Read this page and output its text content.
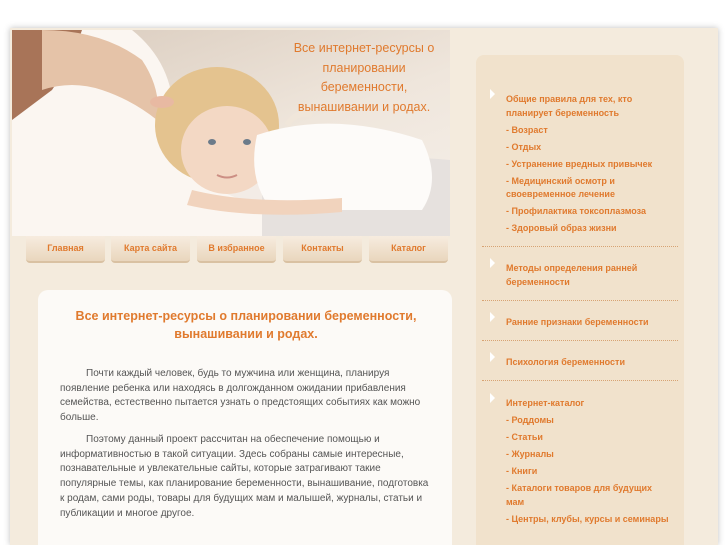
Все интернет-ресурсы о планировании беременности, вынашивании и родах.
Главная	Карта сайта	В избранное	Контакты	Каталог
Все интернет-ресурсы о планировании беременности, вынашивании и родах.

Почти каждый человек, будь то мужчина или женщина, планируя появление ребенка или находясь в долгожданном ожидании прибавления семейства, естественно пытается узнать о предстоящих событиях как можно больше.

Поэтому данный проект рассчитан на обеспечение помощью и информативностью в такой ситуации. Здесь собраны самые интересные, познавательные и увлекательные сайты, которые затрагивают такие популярные темы, как планирование беременности, вынашивание, подготовка к родам, сами роды, товары для будущих мам и малышей, журналы, статьи и публикации и многое другое.

Общие правила для тех, кто планирует беременность
- Возраст
- Отдых
- Устранение вредных привычек
- Медицинский осмотр и своевременное лечение
- Профилактика токсоплазмоза
- Здоровый образ жизни
Методы определения ранней беременности
Ранние признаки беременности
Психология беременности
Интернет-каталог
- Роддомы
- Статьи
- Журналы
- Книги
- Каталоги товаров для будущих мам
- Центры, клубы, курсы и семинары
